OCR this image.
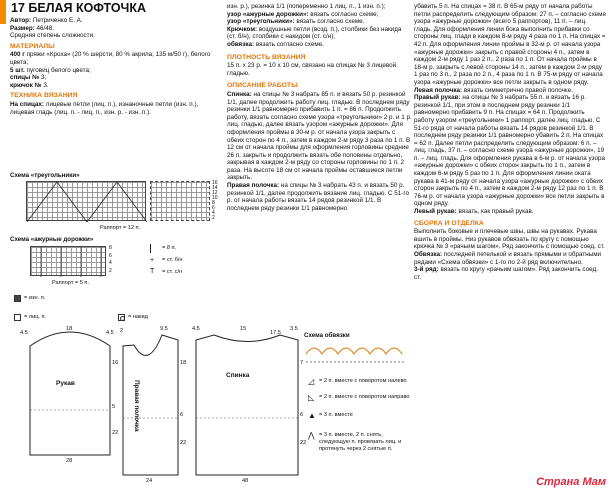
17 БЕЛАЯ КОФТОЧКА

Автор: Петриченко Е. А.

Размер: 46/48.

Средняя степень сложности.

МАТЕРИАЛЫ

400 г пряжи «Кроха» (20 % шерсти, 80 % акрила; 135 м/50 г), белого цвета;

5 шт. пуговиц белого цвета;

спицы № 3;

крючок № 3.

ТЕХНИКА ВЯЗАНИЯ

На спицах: лицевые петли (лиц. п.), изнаночные петли (изн. п.), лицевая гладь (лиц. п. - лиц. п., изн. р. - изн. п.).

Схема «треугольники»
16
14
12
10
8
6
4
2
Раппорт = 12 п.
Схема «ажурные дорожки»
8
6
4
2
Раппорт = 5 п.
= 8 п.
+ = ст. б/н
T = ст. с/н
= изн. п.
= лиц. п.	= накид

изн. р.), резинка 1/1 (попеременно 1 лиц. п., 1 изн. п.);

узор «ажурные дорожки»: вязать согласно схеме;

узор «треугольники»: вязать согласно схеме.

Крючком: воздушные петли (возд. п.), столбики без накида (ст. б/н), столбики с накидом (ст. с/н);

обвязка: вязать согласно схеме.

ПЛОТНОСТЬ ВЯЗАНИЯ

15 п. x 23 р. = 10 x 10 см, связано на спицах № 3 лицевой гладью.

ОПИСАНИЕ РАБОТЫ

Спинка: на спицы № 3 набрать 85 п. и вязать 50 р. резинкой 1/1, далее продолжить работу лиц. гладью. В последнем ряду резинки 1/1 равномерно прибавить 1 п. = 86 п. Продолжить работу, вязать согласно схеме узора «треугольники» 2 р. и 1 р. лиц. гладью, далее вязать узором «ажурные дорожки». Для оформления проймы в 30-м р. от начала узора закрыть с обеих сторон по 4 п., затем в каждом 2-м ряду 3 раза по 1 п. В 12 см от начала проймы для оформления горловины средние 26 п. закрыть и продолжить вязать обе половины отдельно, закрывая в каждом 2-м ряду со стороны горловины по 1 п. 2 раза. На высоте 18 см от начала проймы оставшиеся петли закрыть.

Правая полочка: на спицы № 3 набрать 43 п. и вязать 50 р. резинкой 1/1, далее продолжить вязание лиц. гладью. С 51-го р. от начала работы вязать 14 рядов резинкой 1/1. В последнем ряду резинки 1/1 равномерно

убавить 5 п. На спицах = 38 п. В 65-м ряду от начала работы петли распределить следующим образом: 27 п. – согласно схеме узора «ажурные дорожки» (всего 5 раппортов), 11 п. – лиц. гладь. Для оформления линии бока выполнить прибавки со стороны лиц. глади в каждом 8-м ряду 4 раза по 1 п. На спицах = 42 п. Для оформления линии проймы в 32-м р. от начала узора «ажурные дорожки» закрыть с правой стороны 4 п., затем в каждом 2-м ряду 1 раз 2 п., 2 раза по 1 п. От начала проймы в 18-м р. закрыть с левой стороны 14 п., затем в каждом 2-м ряду 1 раз по 3 п., 2 раза по 2 п., 4 раза по 1 п. В 75-м ряду от начала узора «ажурные дорожки» все петли закрыть в одном ряду.

Левая полочка: вязать симметрично правой полочке.

Правый рукав: на спицы № 3 набрать 55 п. и вязать 16 р. резинкой 1/1, при этом в последнем ряду резинки 1/1 равномерно прибавить 9 п. На спицах = 64 п. Продолжить работу узором «треугольники» 1 раппорт, далее лиц. гладью. С 51-го ряда от начала работы вязать 14 рядов резинкой 1/1. В последнем ряду резинки 1/1 равномерно убавить 2 п. На спицах = 62 п. Далее петли распределить следующим образом: 6 п. – лиц. гладь, 37 п. – согласно схеме узора «ажурные дорожки», 19 п. – лиц. гладь. Для оформления рукава в 6-м р. от начала узора «ажурные дорожки» с обеих сторон закрыть по 1 п., затем в каждом 6-м ряду 5 раз по 1 п. Для оформления линии оката рукава в 41-м ряду от начала узора «ажурные дорожки» с обеих сторон закрыть по 4 п., затем в каждом 2-м ряду 12 раз по 1 п. В 76-м р. от начала узора «ажурные дорожки» все петли закрыть в одном ряду.

Левый рукав: вязать, как правый рукав.

СБОРКА И ОТДЕЛКА

Выполнить боковые и плечевые швы, швы на рукавах. Рукава вшить в проймы. Низ рукавов обвязать по кругу с помощью крючка № 3 «рачьим шагом». Ряд закончить с помощью соед. ст.

Обвязка: последней петелькой и вязать прямыми и обратными рядами «Схема обвязки» с 1-го по 2-й ряд включительно.

3-й ряд: вязать по кругу «рачьим шагом». Ряд закончить соед. ст.

Схема обвязки
◿ = 2 п. вместе с поворотом налево
◺ = 2 п. вместе с поворотом направо
▲ = 3 п. вместе
⋀ = 3 п. вместе, 2 п. снять, следующую п. провязать лиц. и протянуть через 2 снятые п.
Рукав	Правая полочка
Спинка
4.5
18
4.5
16
5
22
28
2	9.5
18
6
22
24
4.5	15
17.5
3.5
7
6
22
48	Страна Мам
